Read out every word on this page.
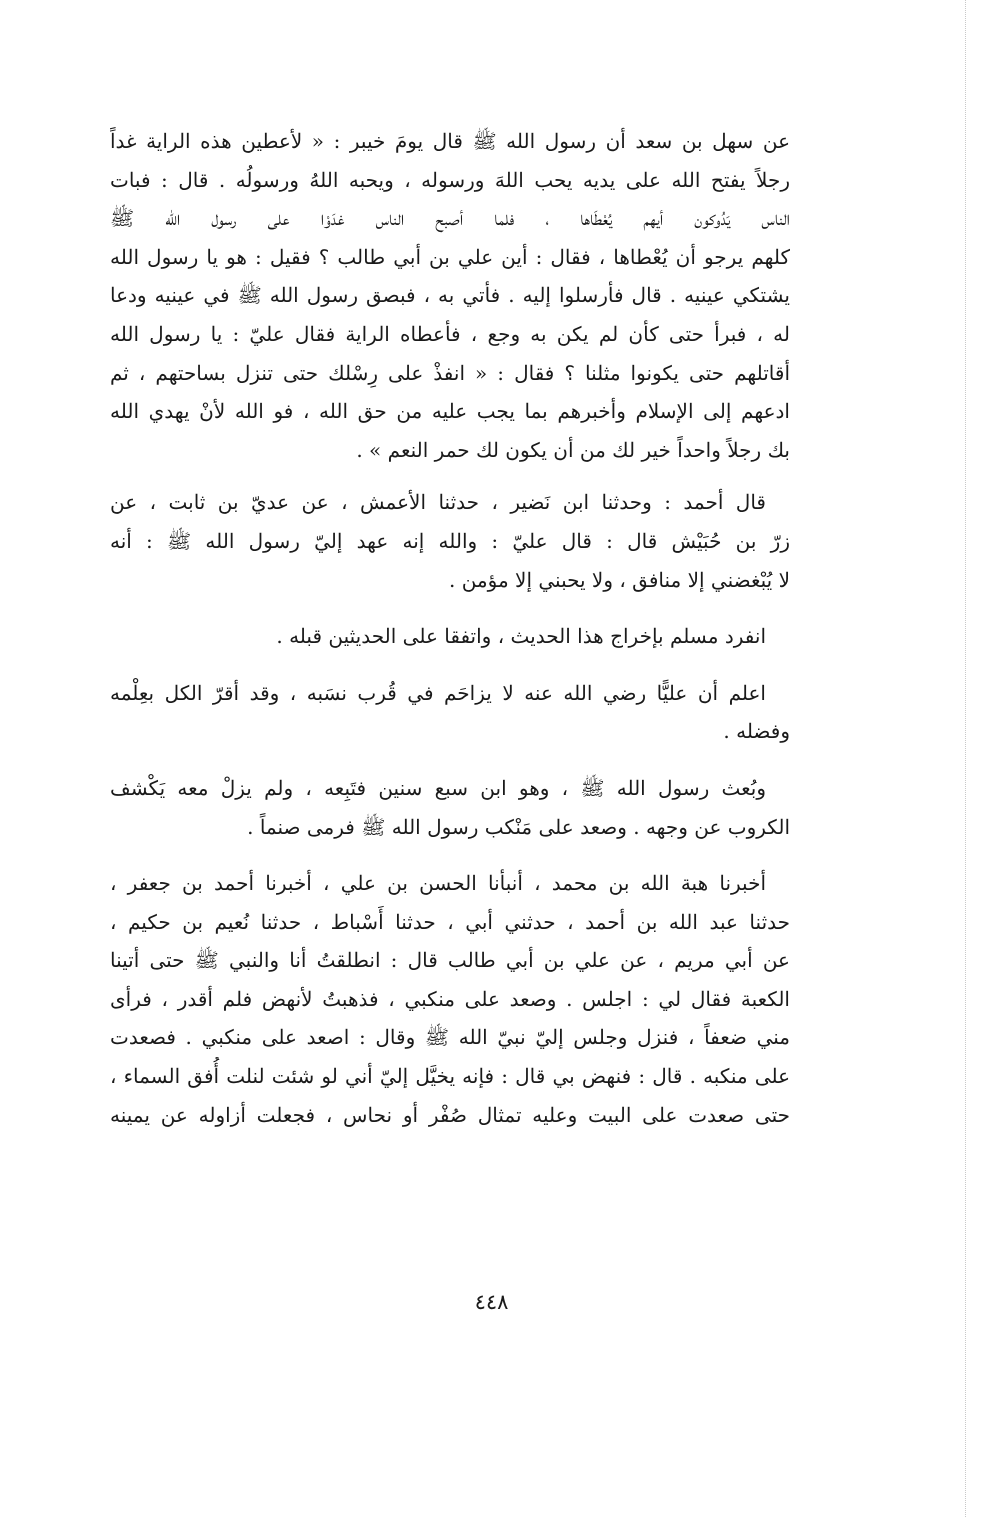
عن سهل بن سعد أن رسول الله ﷺ قال يومَ خيبر : « لأعطين هذه الراية غداً
رجلاً يفتح الله على يديه يحب اللهَ ورسوله ، ويحبه اللهُ ورسولُه . قال : فبات
الناس يَدُوكون أيهم يُعْطَاها ، فلما أصبح الناس غدَوْا على رسول الله ﷺ
كلهم يرجو أن يُعْطاها ، فقال : أين علي بن أبي طالب ؟ فقيل : هو يا رسول الله
يشتكي عينيه . قال فأرسلوا إليه . فأتي به ، فبصق رسول الله ﷺ في عينيه ودعا
له ، فبرأ حتى كأن لم يكن به وجع ، فأعطاه الراية فقال عليّ : يا رسول الله
أقاتلهم حتى يكونوا مثلنا ؟ فقال : « انفذْ على رِسْلك حتى تنزل بساحتهم ، ثم
ادعهم إلى الإسلام وأخبرهم بما يجب عليه من حق الله ، فو الله لأنْ يهدي الله
بك رجلاً واحداً خير لك من أن يكون لك حمر النعم » .
قال أحمد : وحدثنا ابن نَضير ، حدثنا الأعمش ، عن عديّ بن ثابت ، عن
زرّ بن حُبَيْش قال : قال عليّ : والله إنه عهد إليّ رسول الله ﷺ : أنه
لا يُبْغضني إلا منافق ، ولا يحبني إلا مؤمن .
انفرد مسلم بإخراج هذا الحديث ، واتفقا على الحديثين قبله .
اعلم أن عليًّا رضي الله عنه لا يزاحَم في قُرب نسَبه ، وقد أقرّ الكل بعِلْمه
وفضله .
وبُعث رسول الله ﷺ ، وهو ابن سبع سنين فتَبِعه ، ولم يزلْ معه يَكْشف
الكروب عن وجهه . وصعد على مَنْكب رسول الله ﷺ فرمى صنماً .
أخبرنا هبة الله بن محمد ، أنبأنا الحسن بن علي ، أخبرنا أحمد بن جعفر ،
حدثنا عبد الله بن أحمد ، حدثني أبي ، حدثنا أَسْباط ، حدثنا نُعيم بن حكيم ،
عن أبي مريم ، عن علي بن أبي طالب قال : انطلقتُ أنا والنبي ﷺ حتى أتينا
الكعبة فقال لي : اجلس . وصعد على منكبي ، فذهبتُ لأنهض فلم أقدر ، فرأى
مني ضعفاً ، فنزل وجلس إليّ نبيّ الله ﷺ وقال : اصعد على منكبي . فصعدت
على منكبه . قال : فنهض بي قال : فإنه يخيَّل إليّ أني لو شئت لنلت أُفق السماء ،
حتى صعدت على البيت وعليه تمثال صُفْر أو نحاس ، فجعلت أزاوله عن يمينه
٤٤٨
